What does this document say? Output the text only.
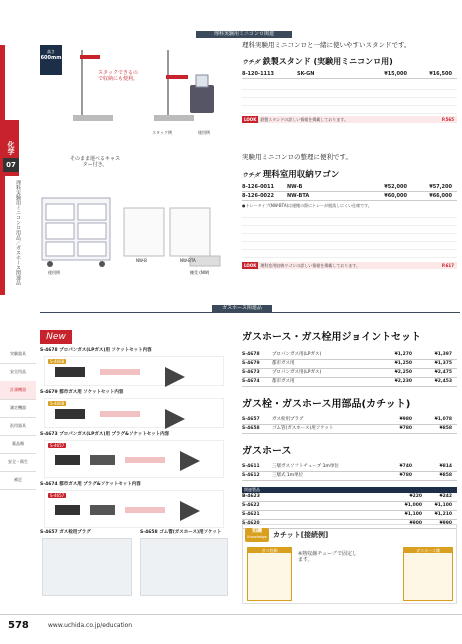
理科実験用ミニコンロ関連
化学
07
理科実験用ミニコンロ用品／ガスホース関連品
実験器具
安全用品
計測機器
測定機器
汎用器具
薬品類
安全・衛生
補足
高さ
600mm
スタックできるので収納にも便利。
スタック例	使用例
理科実験用ミニコンロと一緒に使いやすいスタンドです。
ウチダ 鉄製スタンド (実験用ミニコンロ用)
8-120-1113	SK-GN	¥15,000	¥16,500
LOOK	鉄製スタンドの詳しい情報を掲載しております。	P.565
そのまま運べるキャスター付き。
使用例
NW-B	NW-BTA
棚受 (NW)
実験用ミニコンロの整理に便利です。
ウチダ 理科室用収納ワゴン
8-126-0011	NW-B	¥52,000	¥57,200
8-126-0022	NW-BTA	¥60,000	¥66,000
●トレータイプ(NW-BTA)は運搬の際にトレーが脱落しにくい仕様です。
LOOK	理科室用収納ワゴンの詳しい情報を掲載しております。	P.617
ガスホース関連品
New
S-4678 プロパンガス(LPガス)用 ソケットセット内容
S-4668
S-4679 都市ガス用 ソケットセット内容
S-4668
S-4673 プロパンガス(LPガス)用 プラグ&ソケットセット内容
S-4657
S-4674 都市ガス用 プラグ&ソケットセット内容
S-4657
S-4657 ガス栓用プラグ	S-4658 ゴム管(ガスホース)用ソケット
ガスホース・ガス栓用ジョイントセット
S-4678	プロパンガス用(LPガス)	¥1,270	¥1,397
S-4679	都市ガス用	¥1,250	¥1,375
S-4673	プロパンガス用(LPガス)	¥2,250	¥2,475
S-4674	都市ガス用	¥2,230	¥2,453
ガス栓・ガスホース用部品(カチット)
S-4657	ガス栓用プラグ	¥980	¥1,078
S-4658	ゴム管(ガスホース)用ソケット	¥780	¥858
ガスホース
S-4611	三層ガスソフトチューブ 1m単位	¥740	¥814
S-4612	三層式 1m単位	¥780	¥858
関連製品
B-4623	¥220	¥242
S-4622	¥1,000	¥1,100
S-4621	¥1,100	¥1,210
S-4620	¥900	¥990
知識
Knowledge カチット[接続例]
ガス栓側
※熱収縮チューブで固定します。
ガスホース側
578	www.uchida.co.jp/education
